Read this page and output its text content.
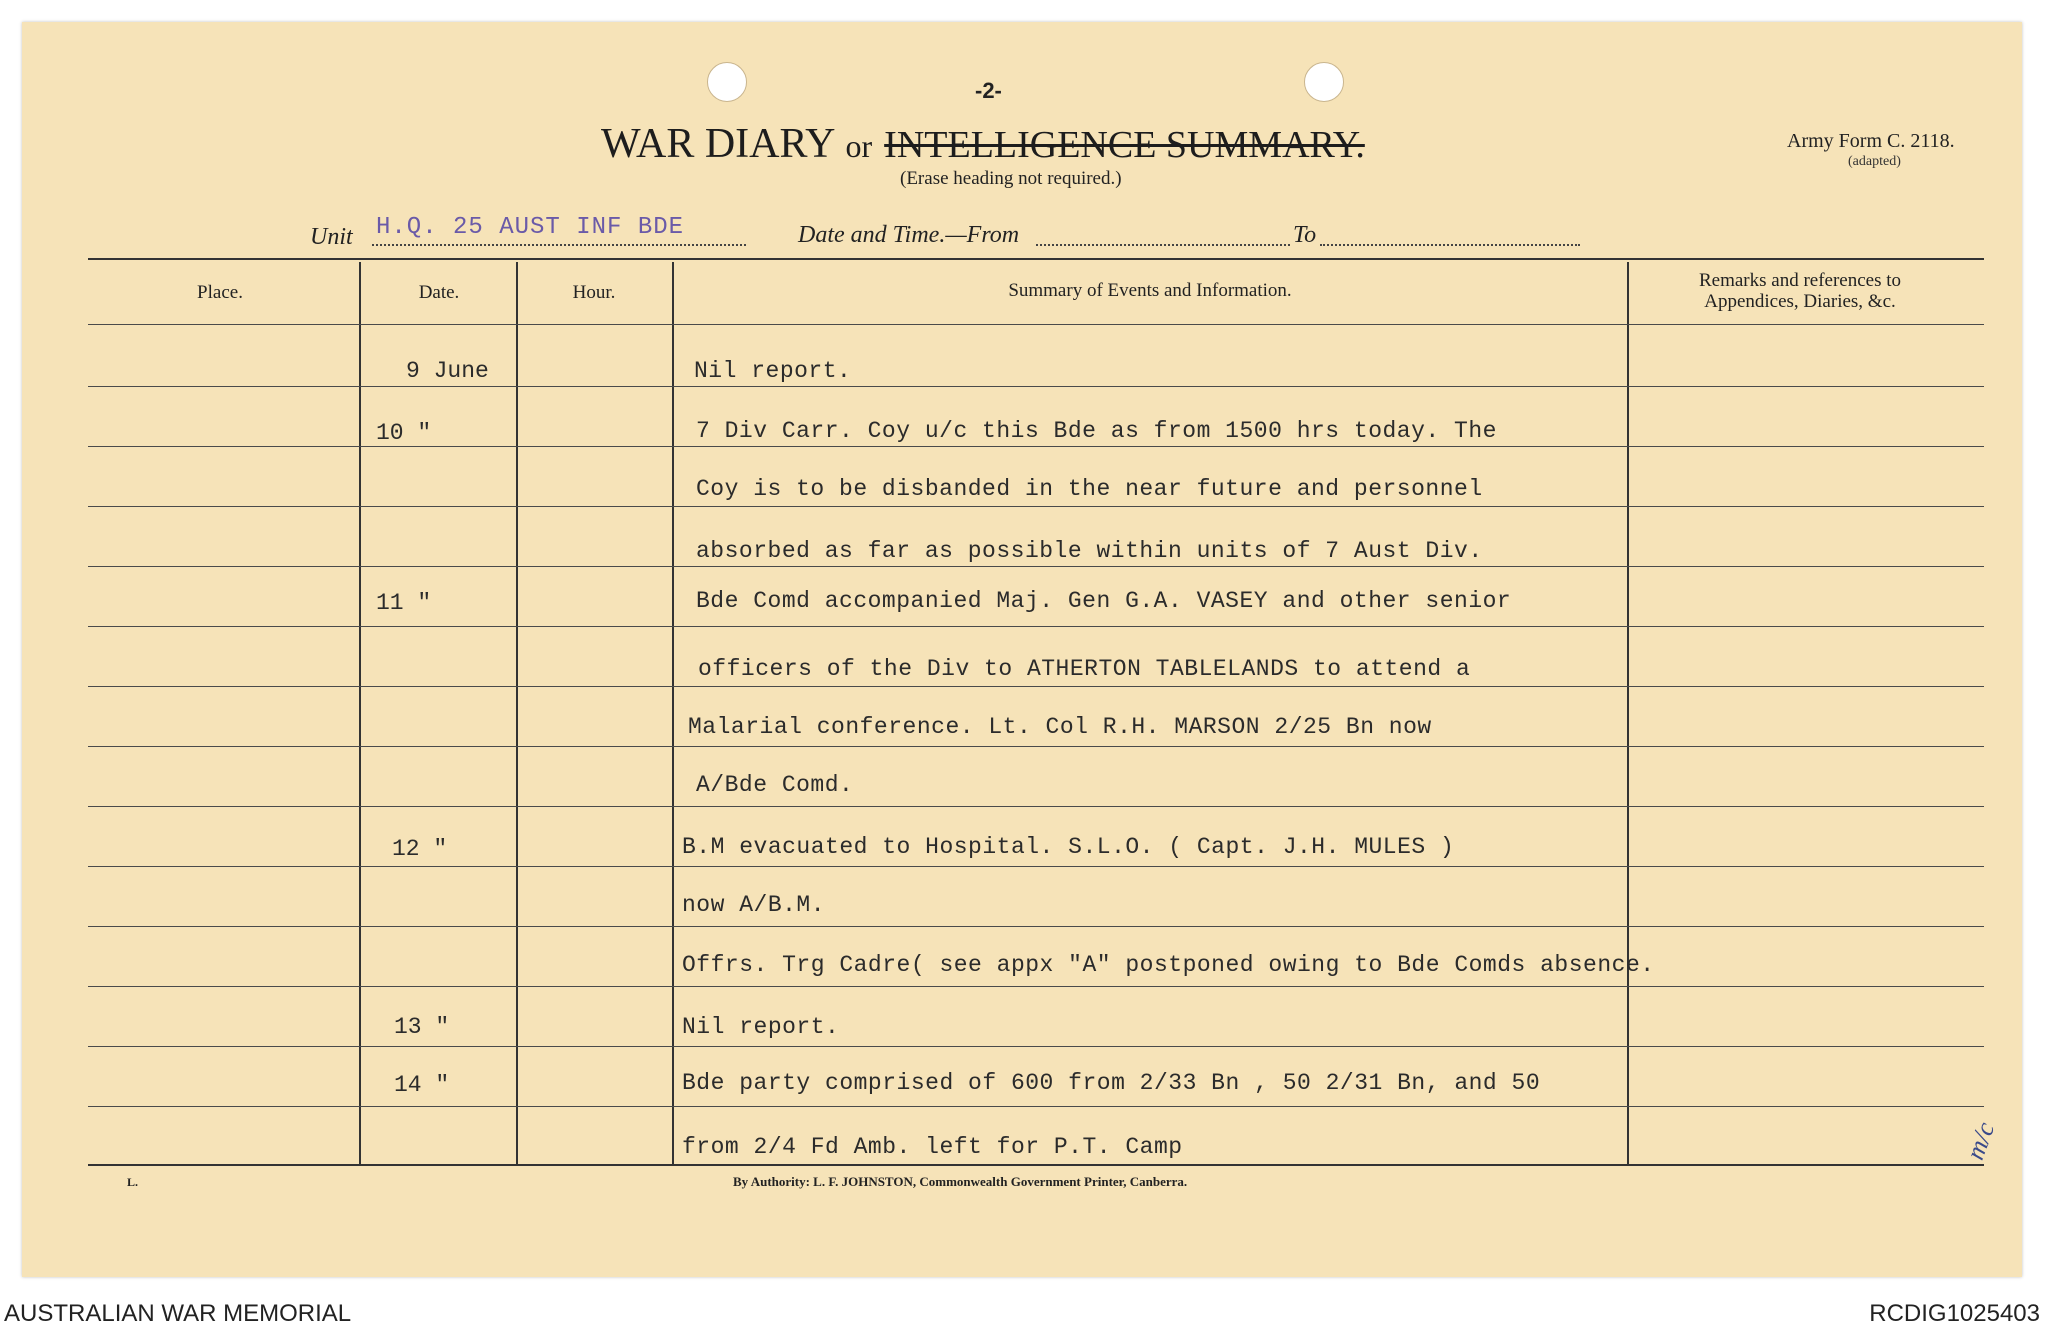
-2-
WAR DIARY or INTELLIGENCE SUMMARY.
(Erase heading not required.)
Army Form C. 2118.
(adapted)
Unit H.Q. 25 AUST INF BDE	Date and Time.—From	To
Place.	Date.	Hour.	Summary of Events and Information.	Remarks and references to
Appendices, Diaries, &c.
9 June	Nil report.
10 "	7 Div Carr. Coy u/c this Bde as from 1500 hrs today. The
Coy is to be disbanded in the near future and personnel
absorbed as far as possible within units of 7 Aust Div.
11 "	Bde Comd accompanied Maj. Gen G.A. VASEY and other senior
officers of the Div to ATHERTON TABLELANDS to attend a
Malarial conference. Lt. Col R.H. MARSON 2/25 Bn now
A/Bde Comd.
12 "	B.M evacuated to Hospital. S.L.O. ( Capt. J.H. MULES )
now A/B.M.
Offrs. Trg Cadre( see appx "A" postponed owing to Bde Comds absence.
13 "	Nil report.
14 "	Bde party comprised of 600 from 2/33 Bn , 50 2/31 Bn, and 50
from 2/4 Fd Amb. left for P.T. Camp	m/c
L.	By Authority: L. F. JOHNSTON, Commonwealth Government Printer, Canberra.
AUSTRALIAN WAR MEMORIAL	RCDIG1025403
